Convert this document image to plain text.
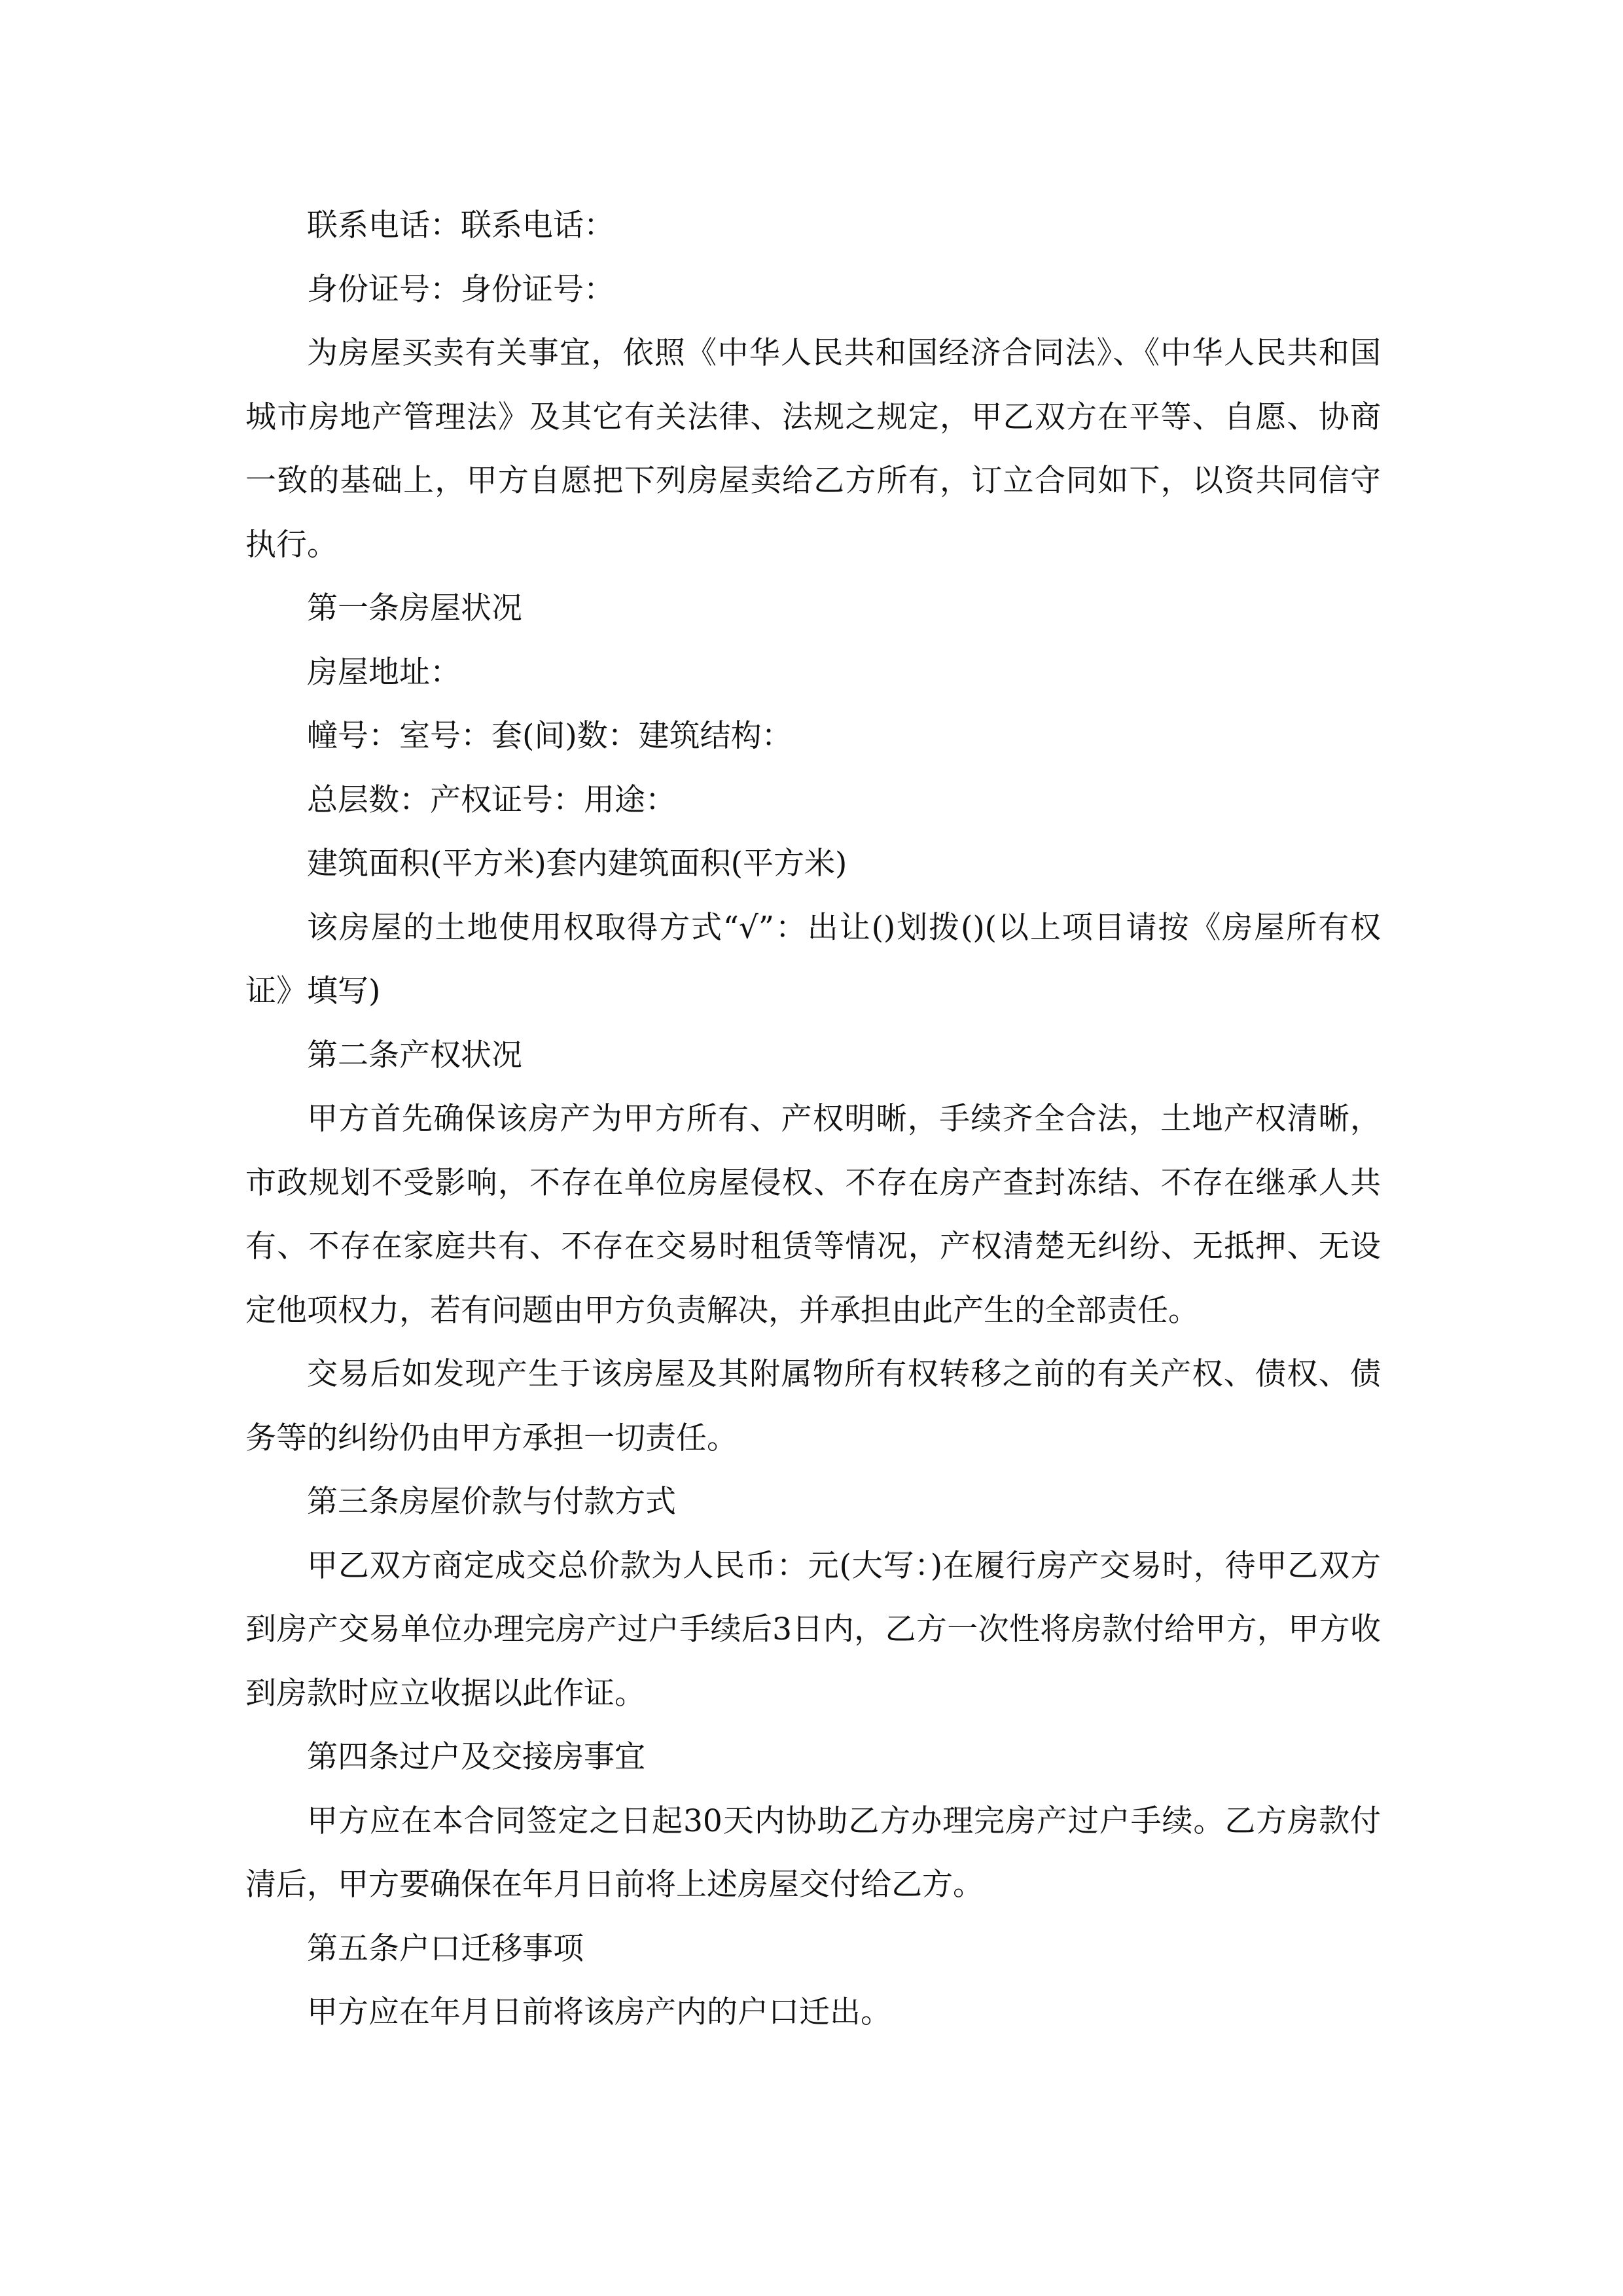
联系电话：联系电话：

身份证号：身份证号：

为房屋买卖有关事宜，依照《中华人民共和国经济合同法》、《中华人民共和国城市房地产管理法》及其它有关法律、法规之规定，甲乙双方在平等、自愿、协商一致的基础上，甲方自愿把下列房屋卖给乙方所有，订立合同如下，以资共同信守执行。

第一条房屋状况

房屋地址：

幢号：室号：套(间)数：建筑结构：

总层数：产权证号：用途：

建筑面积(平方米)套内建筑面积(平方米)

该房屋的土地使用权取得方式“√”：出让()划拨()(以上项目请按《房屋所有权证》填写)

第二条产权状况

甲方首先确保该房产为甲方所有、产权明晰，手续齐全合法，土地产权清晰，市政规划不受影响，不存在单位房屋侵权、不存在房产查封冻结、不存在继承人共有、不存在家庭共有、不存在交易时租赁等情况，产权清楚无纠纷、无抵押、无设定他项权力，若有问题由甲方负责解决，并承担由此产生的全部责任。

交易后如发现产生于该房屋及其附属物所有权转移之前的有关产权、债权、债务等的纠纷仍由甲方承担一切责任。

第三条房屋价款与付款方式

甲乙双方商定成交总价款为人民币：元(大写：)在履行房产交易时，待甲乙双方到房产交易单位办理完房产过户手续后3日内，乙方一次性将房款付给甲方，甲方收到房款时应立收据以此作证。

第四条过户及交接房事宜

甲方应在本合同签定之日起30天内协助乙方办理完房产过户手续。乙方房款付清后，甲方要确保在年月日前将上述房屋交付给乙方。

第五条户口迁移事项

甲方应在年月日前将该房产内的户口迁出。
